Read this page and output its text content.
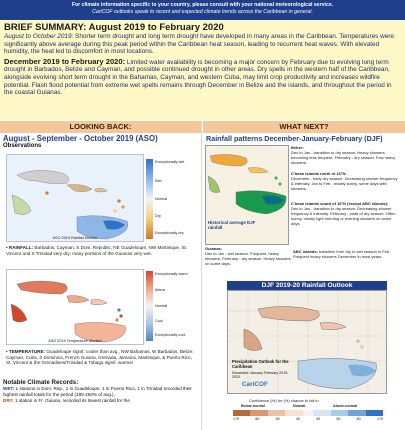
For climate information specific to your country, please consult with your national meteorological service.
CariCOF outlooks speak to recent and expected climate trends across the Caribbean in general.
BRIEF SUMMARY: August 2019 to February 2020

August to October 2019: Shorter term drought and long term drought have developed in many areas in the Caribbean. Temperatures were significantly above average during this peak period within the Caribbean heat season, leading to recurrent heat waves. With elevated humidity, the heat led to discomfort in most locations.

December 2019 to February 2020: Limited water availability is becoming a major concern by February due to evolving long term drought in Barbados, Belize and Cayman, and possible continued drought in other areas. Dry spells in the western half of the Caribbean, alongside evolving short term drought in the Bahamas, Cayman, and western Cuba, may limit crop productivity and increases wildfire potential. Flash flood potential from extreme wet spells remains through December in Belize and the islands, and throughout the period in the coastal Guianas.

LOOKING BACK:
August - September - October 2019 (ASO)
Observations
ASO 2019 Rainfall Monitor
Exceptionally wet
Wet
Normal
Dry
Exceptionally dry
• RAINFALL: Barbados, Cayman, S Dom. Republic, NE Guadeloupe, NW Martinique, St. Vincent and S Trinidad very dry; many portions of the Guianas very wet.
ASO 2019 Temperature Monitor
Exceptionally warm
Warm
Normal
Cool
Exceptionally cool
• TEMPERATURE: Guadeloupe signif. cooler than avg., NW Bahamas, W Barbados, Belize, Cayman, Cuba, S Dominica, French Guiana, Grenada, Jamaica, Martinique, & Puerto Rico, St. Vincent & the Grenadines/Trinidad & Tobago signif. warmer
Notable Climate Records:
WET: 1 stations in Dom. Rep., 1 in Guadeloupe, 1 in Puerto Rico, 1 in Trinidad recorded their highest rainfall totals for the period (180-250% of avg.).
DRY: 1 station in Fr. Guiana, recorded its lowest rainfall for the
WHAT NEXT?
Rainfall patterns December-January-February (DJF)
Historical average DJF rainfall
Belize:
Dec to Jan - transition to dry season. Heavy showers becoming less frequent. February - dry season. Few heavy showers.
C'bean islands north of 16°N:
December - early dry season. Decreasing shower frequency & intensity. Jan to Feb - mostly sunny, some days with showers.
C'bean islands south of 16°N (except ABC islands):
Dec to Jan - transition to dry season. Decreasing shower frequency & intensity. February - peak of dry season. Often sunny, mostly light morning or evening showers on some days.
Guianas:
Dec to Jan - wet season. Frequent, heavy showers. February - dry season. Heavy showers on some days.
ABC islands: transition from dry to wet season in Feb. Frequent heavy showers December in most years.
DJF 2019-20 Rainfall Outlook
Precipitation Outlook for the Caribbean
December-January-February 2019-2020
CariCOF
Confidence (%) for (%) chance to fall in
Below-normal	Normal	Above-normal
>70	60	50	40	40	50	60	>70
